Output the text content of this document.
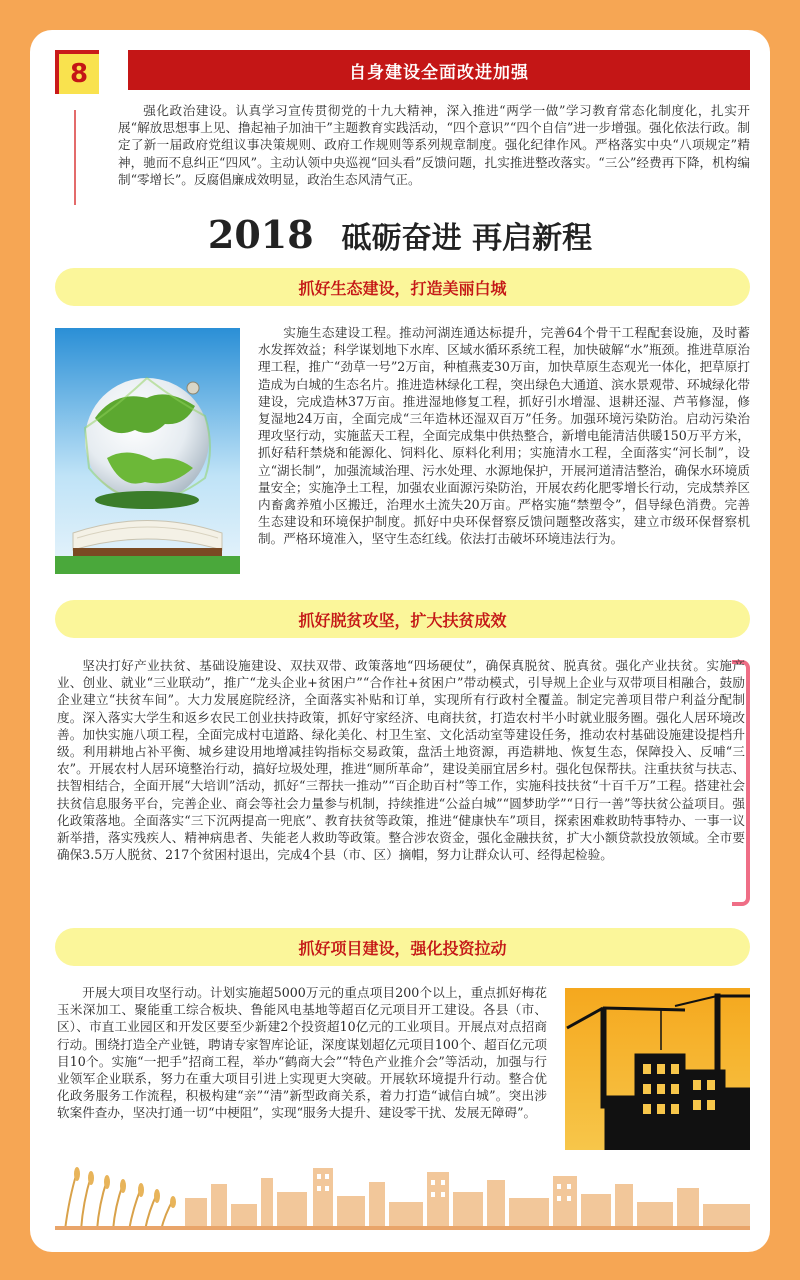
8	自身建设全面改进加强

强化政治建设。认真学习宣传贯彻党的十九大精神，深入推进“两学一做”学习教育常态化制度化，扎实开展“解放思想事上见、撸起袖子加油干”主题教育实践活动，“四个意识”“四个自信”进一步增强。强化依法行政。制定了新一届政府党组议事决策规则、政府工作规则等系列规章制度。强化纪律作风。严格落实中央“八项规定”精神，驰而不息纠正“四风”。主动认领中央巡视“回头看”反馈问题，扎实推进整改落实。“三公”经费再下降，机构编制“零增长”。反腐倡廉成效明显，政治生态风清气正。

2018 砥砺奋进 再启新程
抓好生态建设，打造美丽白城

实施生态建设工程。推动河湖连通达标提升，完善64个骨干工程配套设施，及时蓄水发挥效益；科学谋划地下水库、区域水循环系统工程，加快破解“水”瓶颈。推进草原治理工程，推广“劲草一号”2万亩，种植燕麦30万亩，加快草原生态观光一体化，把草原打造成为白城的生态名片。推进造林绿化工程，突出绿色大通道、滨水景观带、环城绿化带建设，完成造林37万亩。推进湿地修复工程，抓好引水增湿、退耕还湿、芦苇修湿，修复湿地24万亩，全面完成“三年造林还湿双百万”任务。加强环境污染防治。启动污染治理攻坚行动，实施蓝天工程，全面完成集中供热整合，新增电能清洁供暖150万平方米，抓好秸秆禁烧和能源化、饲料化、原料化利用；实施清水工程，全面落实“河长制”，设立“湖长制”，加强流域治理、污水处理、水源地保护，开展河道清洁整治，确保水环境质量安全；实施净土工程，加强农业面源污染防治，开展农药化肥零增长行动，完成禁养区内畜禽养殖小区搬迁，治理水土流失20万亩。严格实施“禁塑令”，倡导绿色消费。完善生态建设和环境保护制度。抓好中央环保督察反馈问题整改落实，建立市级环保督察机制。严格环境准入，坚守生态红线。依法打击破坏环境违法行为。

抓好脱贫攻坚，扩大扶贫成效

坚决打好产业扶贫、基础设施建设、双扶双带、政策落地“四场硬仗”，确保真脱贫、脱真贫。强化产业扶贫。实施产业、创业、就业“三业联动”，推广“龙头企业+贫困户”“合作社+贫困户”带动模式，引导规上企业与双带项目相融合，鼓励企业建立“扶贫车间”。大力发展庭院经济，全面落实补贴和订单，实现所有行政村全覆盖。制定完善项目带户利益分配制度。深入落实大学生和返乡农民工创业扶持政策，抓好守家经济、电商扶贫，打造农村半小时就业服务圈。强化人居环境改善。加快实施八项工程，全面完成村屯道路、绿化美化、村卫生室、文化活动室等建设任务，推动农村基础设施建设提档升级。利用耕地占补平衡、城乡建设用地增减挂钩指标交易政策，盘活土地资源，再造耕地、恢复生态，保障投入、反哺“三农”。开展农村人居环境整治行动，搞好垃圾处理，推进“厕所革命”，建设美丽宜居乡村。强化包保帮扶。注重扶贫与扶志、扶智相结合，全面开展“大培训”活动，抓好“三帮扶一推动”“百企助百村”等工作，实施科技扶贫“十百千万”工程。搭建社会扶贫信息服务平台，完善企业、商会等社会力量参与机制，持续推进“公益白城”“圆梦助学”“日行一善”等扶贫公益项目。强化政策落地。全面落实“三下沉两提高一兜底”、教育扶贫等政策，推进“健康快车”项目，探索困难救助特事特办、一事一议新举措，落实残疾人、精神病患者、失能老人救助等政策。整合涉农资金，强化金融扶贫，扩大小额贷款投放领域。全市要确保3.5万人脱贫、217个贫困村退出，完成4个县（市、区）摘帽，努力让群众认可、经得起检验。

抓好项目建设，强化投资拉动

开展大项目攻坚行动。计划实施超5000万元的重点项目200个以上，重点抓好梅花玉米深加工、聚能重工综合板块、鲁能风电基地等超百亿元项目开工建设。各县（市、区）、市直工业园区和开发区要至少新建2个投资超10亿元的工业项目。开展点对点招商行动。围绕打造全产业链，聘请专家智库论证，深度谋划超亿元项目100个、超百亿元项目10个。实施“一把手”招商工程，举办“鹤商大会”“特色产业推介会”等活动，加强与行业领军企业联系，努力在重大项目引进上实现更大突破。开展软环境提升行动。整合优化政务服务工作流程，积极构建“亲”“清”新型政商关系，着力打造“诚信白城”。突出涉软案件查办，坚决打通一切“中梗阻”，实现“服务大提升、建设零干扰、发展无障碍”。
